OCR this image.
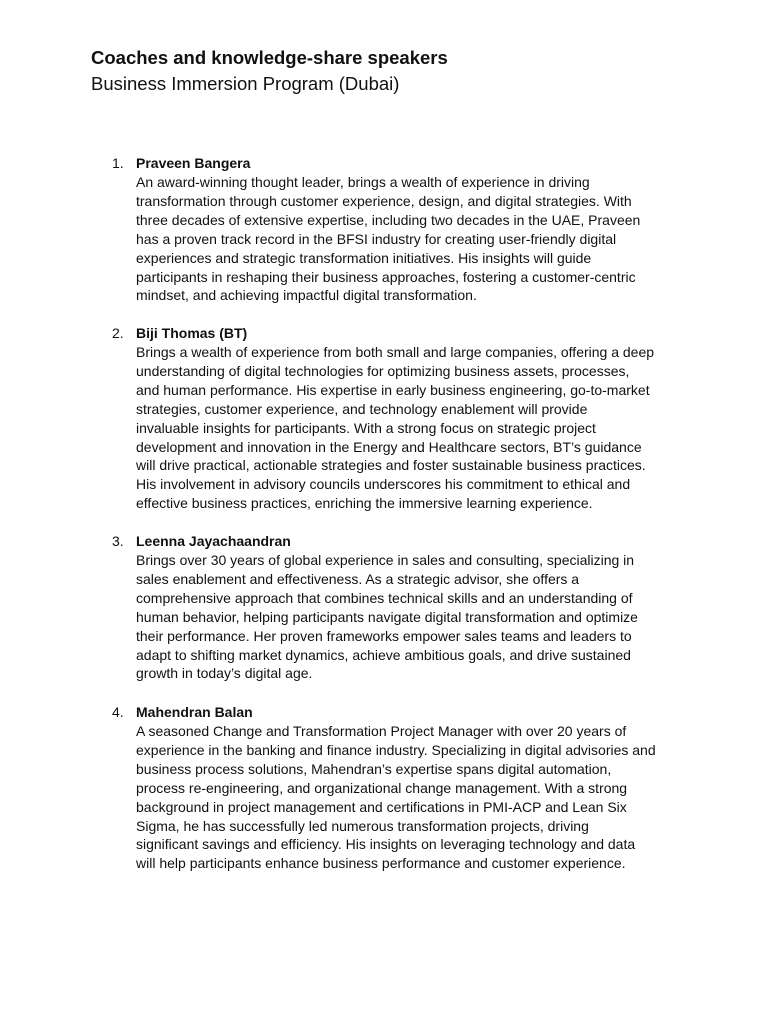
Coaches and knowledge-share speakers
Business Immersion Program (Dubai)
1. Praveen Bangera

An award-winning thought leader, brings a wealth of experience in driving
transformation through customer experience, design, and digital strategies. With
three decades of extensive expertise, including two decades in the UAE, Praveen
has a proven track record in the BFSI industry for creating user-friendly digital
experiences and strategic transformation initiatives. His insights will guide
participants in reshaping their business approaches, fostering a customer-centric
mindset, and achieving impactful digital transformation.

2. Biji Thomas (BT)

Brings a wealth of experience from both small and large companies, offering a deep
understanding of digital technologies for optimizing business assets, processes,
and human performance. His expertise in early business engineering, go-to-market
strategies, customer experience, and technology enablement will provide
invaluable insights for participants. With a strong focus on strategic project
development and innovation in the Energy and Healthcare sectors, BT’s guidance
will drive practical, actionable strategies and foster sustainable business practices.
His involvement in advisory councils underscores his commitment to ethical and
effective business practices, enriching the immersive learning experience.

3. Leenna Jayachaandran

Brings over 30 years of global experience in sales and consulting, specializing in
sales enablement and effectiveness. As a strategic advisor, she offers a
comprehensive approach that combines technical skills and an understanding of
human behavior, helping participants navigate digital transformation and optimize
their performance. Her proven frameworks empower sales teams and leaders to
adapt to shifting market dynamics, achieve ambitious goals, and drive sustained
growth in today’s digital age.

4. Mahendran Balan

A seasoned Change and Transformation Project Manager with over 20 years of
experience in the banking and finance industry. Specializing in digital advisories and
business process solutions, Mahendran’s expertise spans digital automation,
process re-engineering, and organizational change management. With a strong
background in project management and certifications in PMI-ACP and Lean Six
Sigma, he has successfully led numerous transformation projects, driving
significant savings and efficiency. His insights on leveraging technology and data
will help participants enhance business performance and customer experience.
